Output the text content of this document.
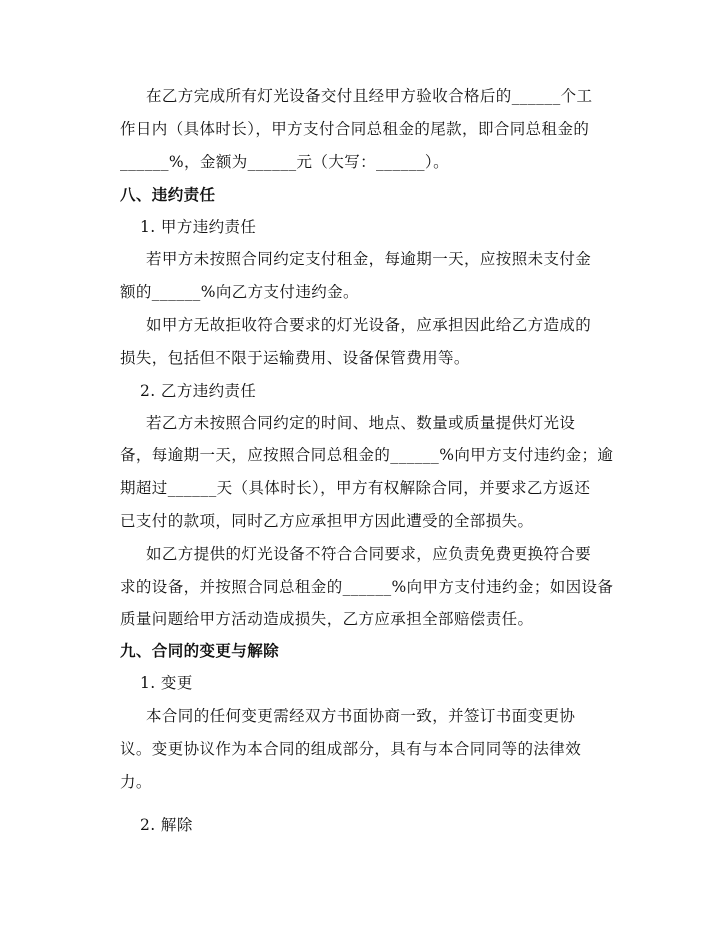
在乙方完成所有灯光设备交付且经甲方验收合格后的______个工
作日内（具体时长），甲方支付合同总租金的尾款，即合同总租金的
______%，金额为______元（大写：______）。
八、违约责任
1. 甲方违约责任
若甲方未按照合同约定支付租金，每逾期一天，应按照未支付金
额的______%向乙方支付违约金。
如甲方无故拒收符合要求的灯光设备，应承担因此给乙方造成的
损失，包括但不限于运输费用、设备保管费用等。
2. 乙方违约责任
若乙方未按照合同约定的时间、地点、数量或质量提供灯光设
备，每逾期一天，应按照合同总租金的______%向甲方支付违约金；逾
期超过______天（具体时长），甲方有权解除合同，并要求乙方返还
已支付的款项，同时乙方应承担甲方因此遭受的全部损失。
如乙方提供的灯光设备不符合合同要求，应负责免费更换符合要
求的设备，并按照合同总租金的______%向甲方支付违约金；如因设备
质量问题给甲方活动造成损失，乙方应承担全部赔偿责任。
九、合同的变更与解除
1. 变更
本合同的任何变更需经双方书面协商一致，并签订书面变更协
议。变更协议作为本合同的组成部分，具有与本合同同等的法律效
力。
2. 解除
